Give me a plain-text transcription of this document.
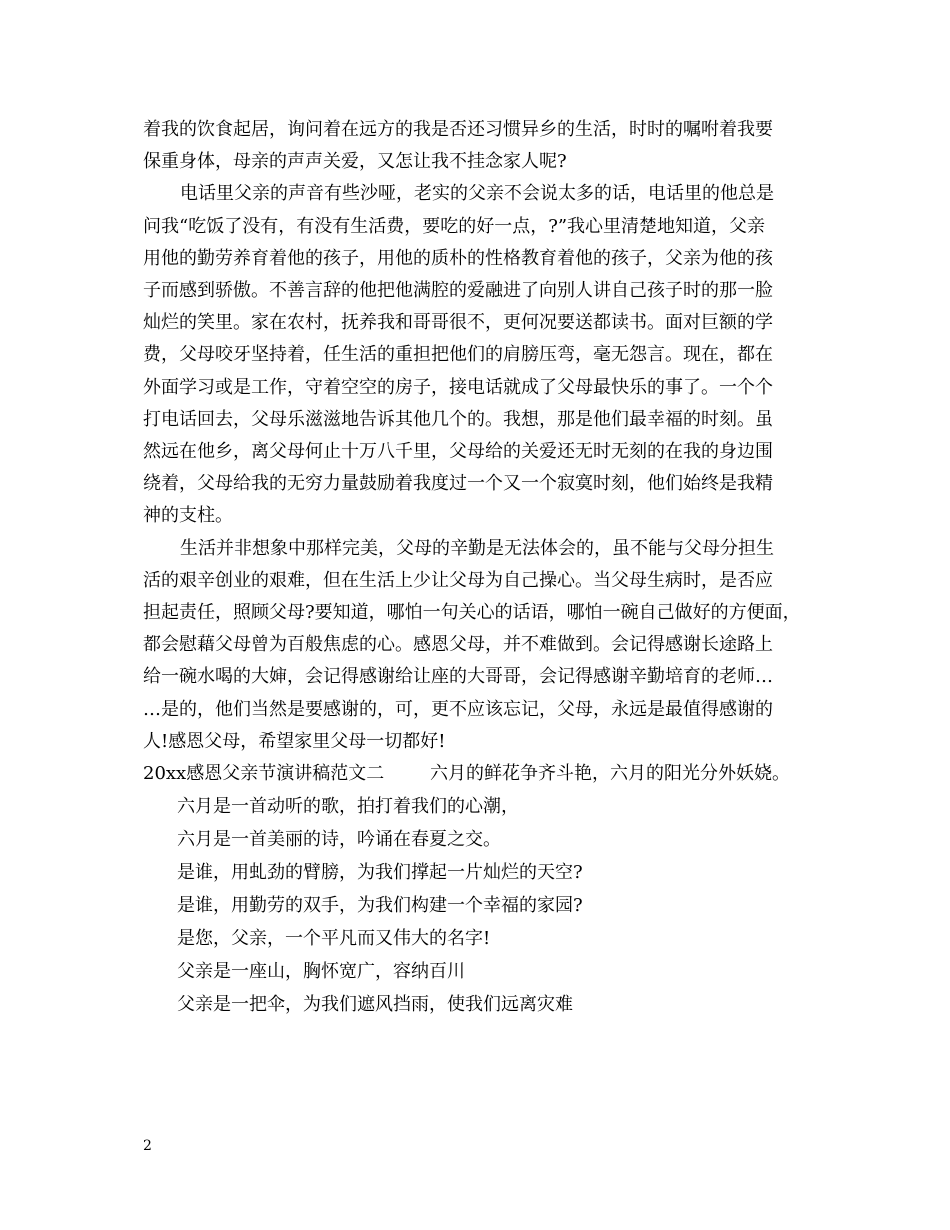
着我的饮食起居，询问着在远方的我是否还习惯异乡的生活，时时的嘱咐着我要
保重身体，母亲的声声关爱，又怎让我不挂念家人呢?

电话里父亲的声音有些沙哑，老实的父亲不会说太多的话，电话里的他总是
问我“吃饭了没有，有没有生活费，要吃的好一点，?”我心里清楚地知道，父亲
用他的勤劳养育着他的孩子，用他的质朴的性格教育着他的孩子，父亲为他的孩
子而感到骄傲。不善言辞的他把他满腔的爱融进了向别人讲自己孩子时的那一脸
灿烂的笑里。家在农村，抚养我和哥哥很不，更何况要送都读书。面对巨额的学
费，父母咬牙坚持着，任生活的重担把他们的肩膀压弯，毫无怨言。现在，都在
外面学习或是工作，守着空空的房子，接电话就成了父母最快乐的事了。一个个
打电话回去，父母乐滋滋地告诉其他几个的。我想，那是他们最幸福的时刻。虽
然远在他乡，离父母何止十万八千里，父母给的关爱还无时无刻的在我的身边围
绕着，父母给我的无穷力量鼓励着我度过一个又一个寂寞时刻，他们始终是我精
神的支柱。

生活并非想象中那样完美，父母的辛勤是无法体会的，虽不能与父母分担生
活的艰辛创业的艰难，但在生活上少让父母为自己操心。当父母生病时，是否应
担起责任，照顾父母?要知道，哪怕一句关心的话语，哪怕一碗自己做好的方便面，
都会慰藉父母曾为百般焦虑的心。感恩父母，并不难做到。会记得感谢长途路上
给一碗水喝的大婶，会记得感谢给让座的大哥哥，会记得感谢辛勤培育的老师…
…是的，他们当然是要感谢的，可，更不应该忘记，父母，永远是最值得感谢的
人!感恩父母，希望家里父母一切都好!

20xx感恩父亲节演讲稿范文二        六月的鲜花争齐斗艳，六月的阳光分外妖娆。

六月是一首动听的歌，拍打着我们的心潮，
六月是一首美丽的诗，吟诵在春夏之交。
是谁，用虬劲的臂膀，为我们撑起一片灿烂的天空?
是谁，用勤劳的双手，为我们构建一个幸福的家园?
是您，父亲，一个平凡而又伟大的名字!
父亲是一座山，胸怀宽广，容纳百川
父亲是一把伞，为我们遮风挡雨，使我们远离灾难
2
